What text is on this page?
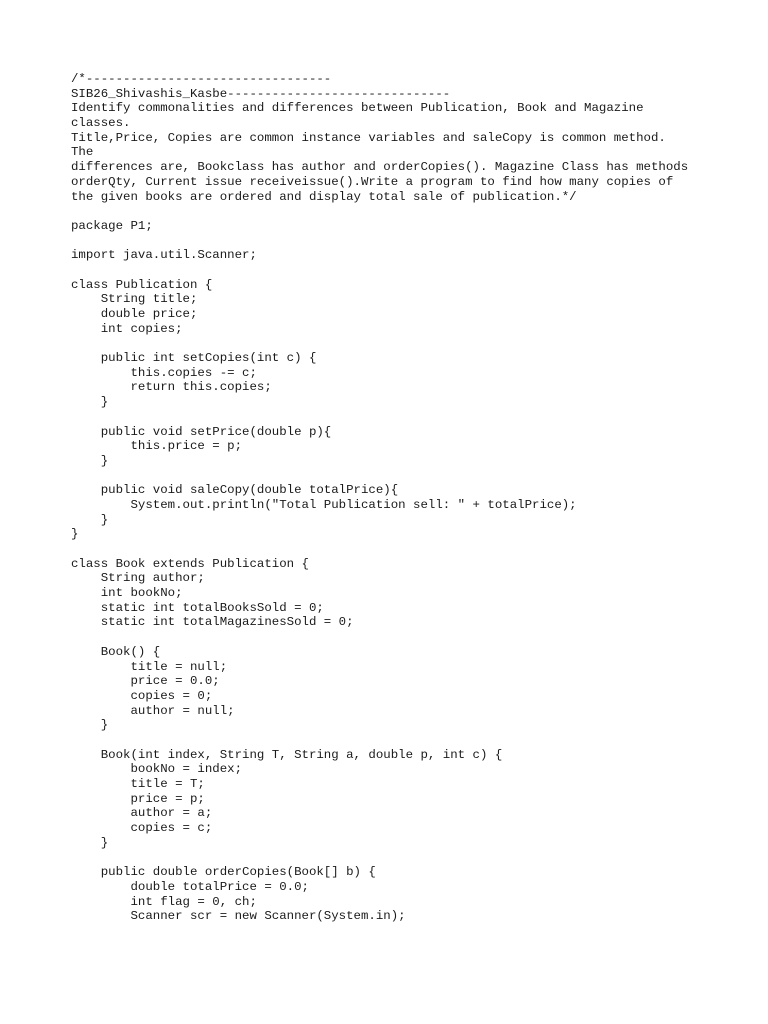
/*---------------------------------
SIB26_Shivashis_Kasbe------------------------------
Identify commonalities and differences between Publication, Book and Magazine
classes.
Title,Price, Copies are common instance variables and saleCopy is common method.
The
differences are, Bookclass has author and orderCopies(). Magazine Class has methods
orderQty, Current issue receiveissue().Write a program to find how many copies of
the given books are ordered and display total sale of publication.*/
package P1;
import java.util.Scanner;
class Publication {
String title;
double price;
int copies;
public int setCopies(int c) {
this.copies -= c;
return this.copies;
}
public void setPrice(double p){
this.price = p;
}
public void saleCopy(double totalPrice){
System.out.println("Total Publication sell: " + totalPrice);
}
}
class Book extends Publication {
String author;
int bookNo;
static int totalBooksSold = 0;
static int totalMagazinesSold = 0;
Book() {
title = null;
price = 0.0;
copies = 0;
author = null;
}
Book(int index, String T, String a, double p, int c) {
bookNo = index;
title = T;
price = p;
author = a;
copies = c;
}
public double orderCopies(Book[] b) {
double totalPrice = 0.0;
int flag = 0, ch;
Scanner scr = new Scanner(System.in);
